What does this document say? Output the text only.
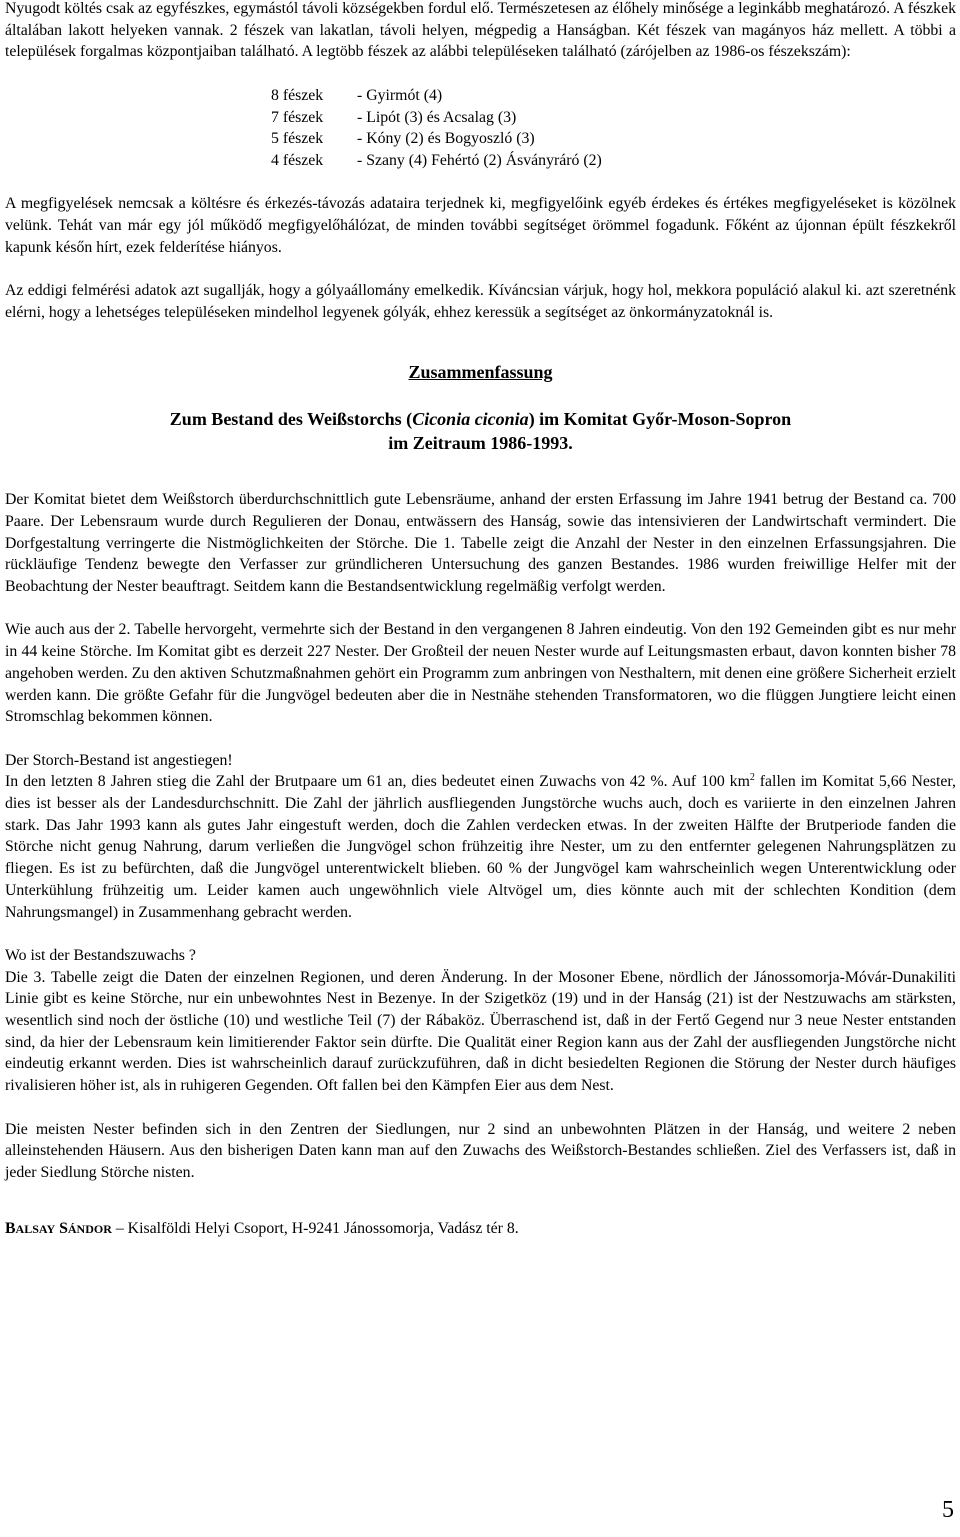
Nyugodt költés csak az egyfészkes, egymástól távoli községekben fordul elő. Természetesen az élőhely minősége a leginkább meghatározó. A fészkek általában lakott helyeken vannak. 2 fészek van lakatlan, távoli helyen, mégpedig a Hanságban. Két fészek van magányos ház mellett. A többi a települések forgalmas központjaiban található. A legtöbb fészek az alábbi településeken található (zárójelben az 1986-os fészekszám):

8 fészek	- Gyirmót (4)
7 fészek	- Lipót (3) és Acsalag (3)
5 fészek	- Kóny (2) és Bogyoszló (3)
4 fészek	- Szany (4) Fehértó (2) Ásványráró (2)

A megfigyelések nemcsak a költésre és érkezés-távozás adataira terjednek ki, megfigyelőink egyéb érdekes és értékes megfigyeléseket is közölnek velünk. Tehát van már egy jól működő megfigyelőhálózat, de minden további segítséget örömmel fogadunk. Főként az újonnan épült fészkekről kapunk későn hírt, ezek felderítése hiányos.

Az eddigi felmérési adatok azt sugallják, hogy a gólyaállomány emelkedik. Kíváncsian várjuk, hogy hol, mekkora populáció alakul ki. azt szeretnénk elérni, hogy a lehetséges településeken mindelhol legyenek gólyák, ehhez keressük a segítséget az önkormányzatoknál is.

Zusammenfassung
Zum Bestand des Weißstorchs (Ciconia ciconia) im Komitat Győr-Moson-Sopron
im Zeitraum 1986-1993.

Der Komitat bietet dem Weißstorch überdurchschnittlich gute Lebensräume, anhand der ersten Erfassung im Jahre 1941 betrug der Bestand ca. 700 Paare. Der Lebensraum wurde durch Regulieren der Donau, entwässern des Hanság, sowie das intensivieren der Landwirtschaft vermindert. Die Dorfgestaltung verringerte die Nistmöglichkeiten der Störche. Die 1. Tabelle zeigt die Anzahl der Nester in den einzelnen Erfassungsjahren. Die rückläufige Tendenz bewegte den Verfasser zur gründlicheren Untersuchung des ganzen Bestandes. 1986 wurden freiwillige Helfer mit der Beobachtung der Nester beauftragt. Seitdem kann die Bestandsentwicklung regelmäßig verfolgt werden.

Wie auch aus der 2. Tabelle hervorgeht, vermehrte sich der Bestand in den vergangenen 8 Jahren eindeutig. Von den 192 Gemeinden gibt es nur mehr in 44 keine Störche. Im Komitat gibt es derzeit 227 Nester. Der Großteil der neuen Nester wurde auf Leitungsmasten erbaut, davon konnten bisher 78 angehoben werden. Zu den aktiven Schutzmaßnahmen gehört ein Programm zum anbringen von Nesthaltern, mit denen eine größere Sicherheit erzielt werden kann. Die größte Gefahr für die Jungvögel bedeuten aber die in Nestnähe stehenden Transformatoren, wo die flüggen Jungtiere leicht einen Stromschlag bekommen können.

Der Storch-Bestand ist angestiegen!

In den letzten 8 Jahren stieg die Zahl der Brutpaare um 61 an, dies bedeutet einen Zuwachs von 42 %. Auf 100 $km^2$ fallen im Komitat 5,66 Nester, dies ist besser als der Landesdurchschnitt. Die Zahl der jährlich ausfliegenden Jungstörche wuchs auch, doch es variierte in den einzelnen Jahren stark. Das Jahr 1993 kann als gutes Jahr eingestuft werden, doch die Zahlen verdecken etwas. In der zweiten Hälfte der Brutperiode fanden die Störche nicht genug Nahrung, darum verließen die Jungvögel schon frühzeitig ihre Nester, um zu den entfernter gelegenen Nahrungsplätzen zu fliegen. Es ist zu befürchten, daß die Jungvögel unterentwickelt blieben. 60 % der Jungvögel kam wahrscheinlich wegen Unterentwicklung oder Unterkühlung frühzeitig um. Leider kamen auch ungewöhnlich viele Altvögel um, dies könnte auch mit der schlechten Kondition (dem Nahrungsmangel) in Zusammenhang gebracht werden.

Wo ist der Bestandszuwachs ?

Die 3. Tabelle zeigt die Daten der einzelnen Regionen, und deren Änderung. In der Mosoner Ebene, nördlich der Jánossomorja-Móvár-Dunakiliti Linie gibt es keine Störche, nur ein unbewohntes Nest in Bezenye. In der Szigetköz (19) und in der Hanság (21) ist der Nestzuwachs am stärksten, wesentlich sind noch der östliche (10) und westliche Teil (7) der Rábaköz. Überraschend ist, daß in der Fertő Gegend nur 3 neue Nester entstanden sind, da hier der Lebensraum kein limitierender Faktor sein dürfte. Die Qualität einer Region kann aus der Zahl der ausfliegenden Jungstörche nicht eindeutig erkannt werden. Dies ist wahrscheinlich darauf zurückzuführen, daß in dicht besiedelten Regionen die Störung der Nester durch häufiges rivalisieren höher ist, als in ruhigeren Gegenden. Oft fallen bei den Kämpfen Eier aus dem Nest.

Die meisten Nester befinden sich in den Zentren der Siedlungen, nur 2 sind an unbewohnten Plätzen in der Hanság, und weitere 2 neben alleinstehenden Häusern. Aus den bisherigen Daten kann man auf den Zuwachs des Weißstorch-Bestandes schließen. Ziel des Verfassers ist, daß in jeder Siedlung Störche nisten.

BALSAY SÁNDOR – Kisalföldi Helyi Csoport, H-9241 Jánossomorja, Vadász tér 8.

5
